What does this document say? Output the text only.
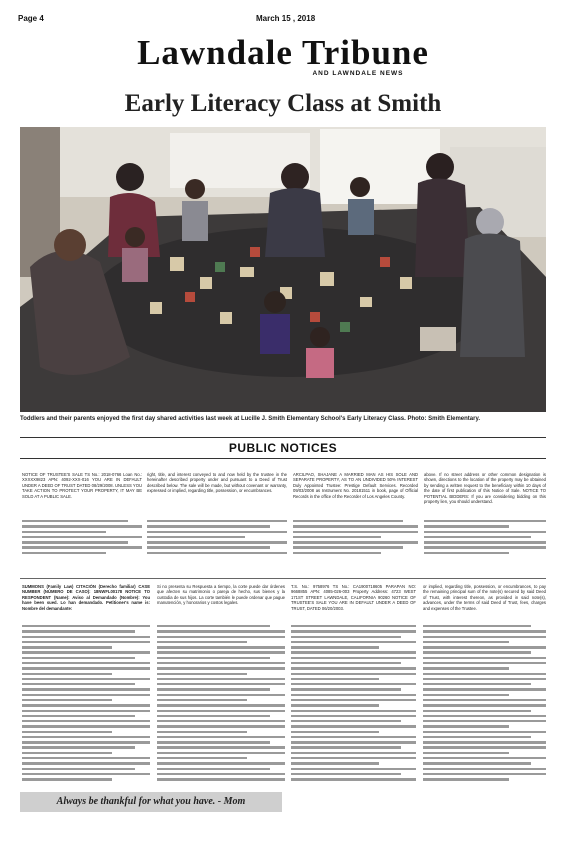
Page 4	March 15 , 2018
Lawndale Tribune
AND LAWNDALE NEWS
Early Literacy Class at Smith
Toddlers and their parents enjoyed the first day shared activities last week at Lucille J. Smith Elementary School's Early Literacy Class. Photo: Smith Elementary.
PUBLIC NOTICES
NOTICE OF TRUSTEE'S SALE TS No.: 2018-0766 Loan No.: XXXXX9823 APN: 4092-XXX-016 YOU ARE IN DEFAULT UNDER A DEED OF TRUST DATED 08/29/2008. UNLESS YOU TAKE ACTION TO PROTECT YOUR PROPERTY, IT MAY BE SOLD AT A PUBLIC SALE.
right, title, and interest conveyed to and now held by the trustee in the hereinafter described property under and pursuant to a Deed of Trust described below. The sale will be made, but without covenant or warranty, expressed or implied, regarding title, possession, or encumbrances.
ARCILPAO, SHAJANE A MARRIED MAN AS HIS SOLE AND SEPARATE PROPERTY, AS TO AN UNDIVIDED 50% INTEREST Duly Appointed Trustee: Prestige Default Services. Recorded 09/03/2008 as Instrument No. 20181511 in book, page of Official Records in the office of the Recorder of Los Angeles County.
above. If no street address or other common designation is shown, directions to the location of the property may be obtained by sending a written request to the beneficiary within 10 days of the date of first publication of this Notice of Sale. NOTICE TO POTENTIAL BIDDERS: If you are considering bidding on this property lien, you should understand.
SUMMONS (Family Law) CITACIÓN (Derecho familiar) CASE NUMBER (NÚMERO DE CASO): 18NWFL00178 NOTICE TO RESPONDENT (Name): Aviso al Demandado (Nombre): You have been sued. Lo han demandado. Petitioner's name is: Nombre del demandante:
Si no presenta su Respuesta a tiempo, la corte puede dar órdenes que afecten su matrimonio o pareja de hecho, sus bienes y la custodia de sus hijos. La corte también le puede ordenar que pague manutención, y honorarios y costos legales.
T.S. No.: 9758976 TS No.: CA1900718605 PARAPAN NO: 9668855 APN: 4085-026-003 Property Address: 4723 WEST 171ST STREET LAWNDALE, CALIFORNIA 90260 NOTICE OF TRUSTEE'S SALE YOU ARE IN DEFAULT UNDER A DEED OF TRUST, DATED 06/20/2003.
or implied, regarding title, possession, or encumbrances, to pay the remaining principal sum of the note(s) secured by said Deed of Trust, with interest thereon, as provided in said note(s), advances, under the terms of said Deed of Trust, fees, charges and expenses of the Trustee.
Always be thankful for what you have. - Mom
